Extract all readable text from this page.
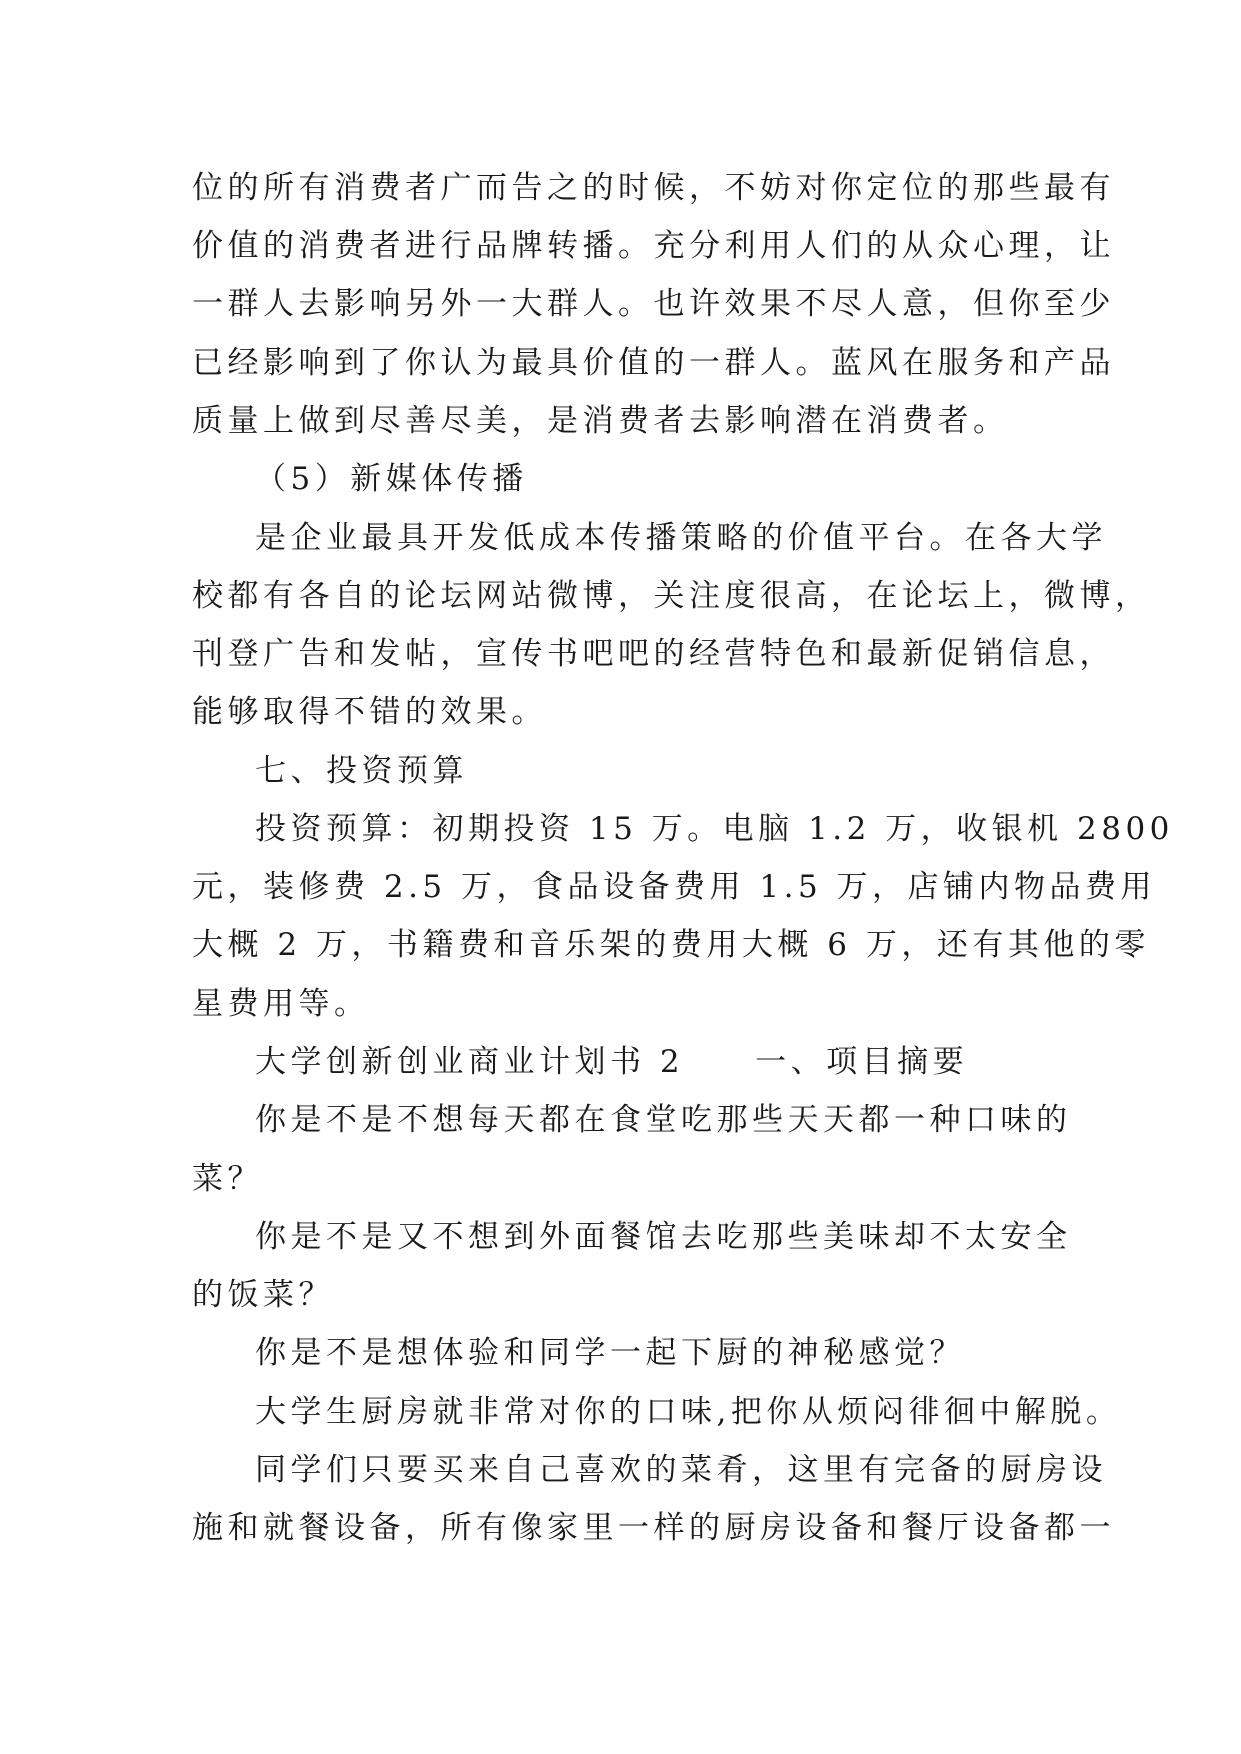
位的所有消费者广而告之的时候，不妨对你定位的那些最有
价值的消费者进行品牌转播。充分利用人们的从众心理，让
一群人去影响另外一大群人。也许效果不尽人意，但你至少
已经影响到了你认为最具价值的一群人。蓝风在服务和产品
质量上做到尽善尽美，是消费者去影响潜在消费者。
（5）新媒体传播
是企业最具开发低成本传播策略的价值平台。在各大学
校都有各自的论坛网站微博，关注度很高，在论坛上，微博，
刊登广告和发帖，宣传书吧吧的经营特色和最新促销信息，
能够取得不错的效果。
七、投资预算
投资预算：初期投资 15 万。电脑 1.2 万，收银机 2800
元，装修费 2.5 万，食品设备费用 1.5 万，店铺内物品费用
大概 2 万，书籍费和音乐架的费用大概 6 万，还有其他的零
星费用等。
大学创新创业商业计划书 2　　一、项目摘要
你是不是不想每天都在食堂吃那些天天都一种口味的
菜？
你是不是又不想到外面餐馆去吃那些美味却不太安全
的饭菜？
你是不是想体验和同学一起下厨的神秘感觉？
大学生厨房就非常对你的口味,把你从烦闷徘徊中解脱。
同学们只要买来自己喜欢的菜肴，这里有完备的厨房设
施和就餐设备，所有像家里一样的厨房设备和餐厅设备都一
